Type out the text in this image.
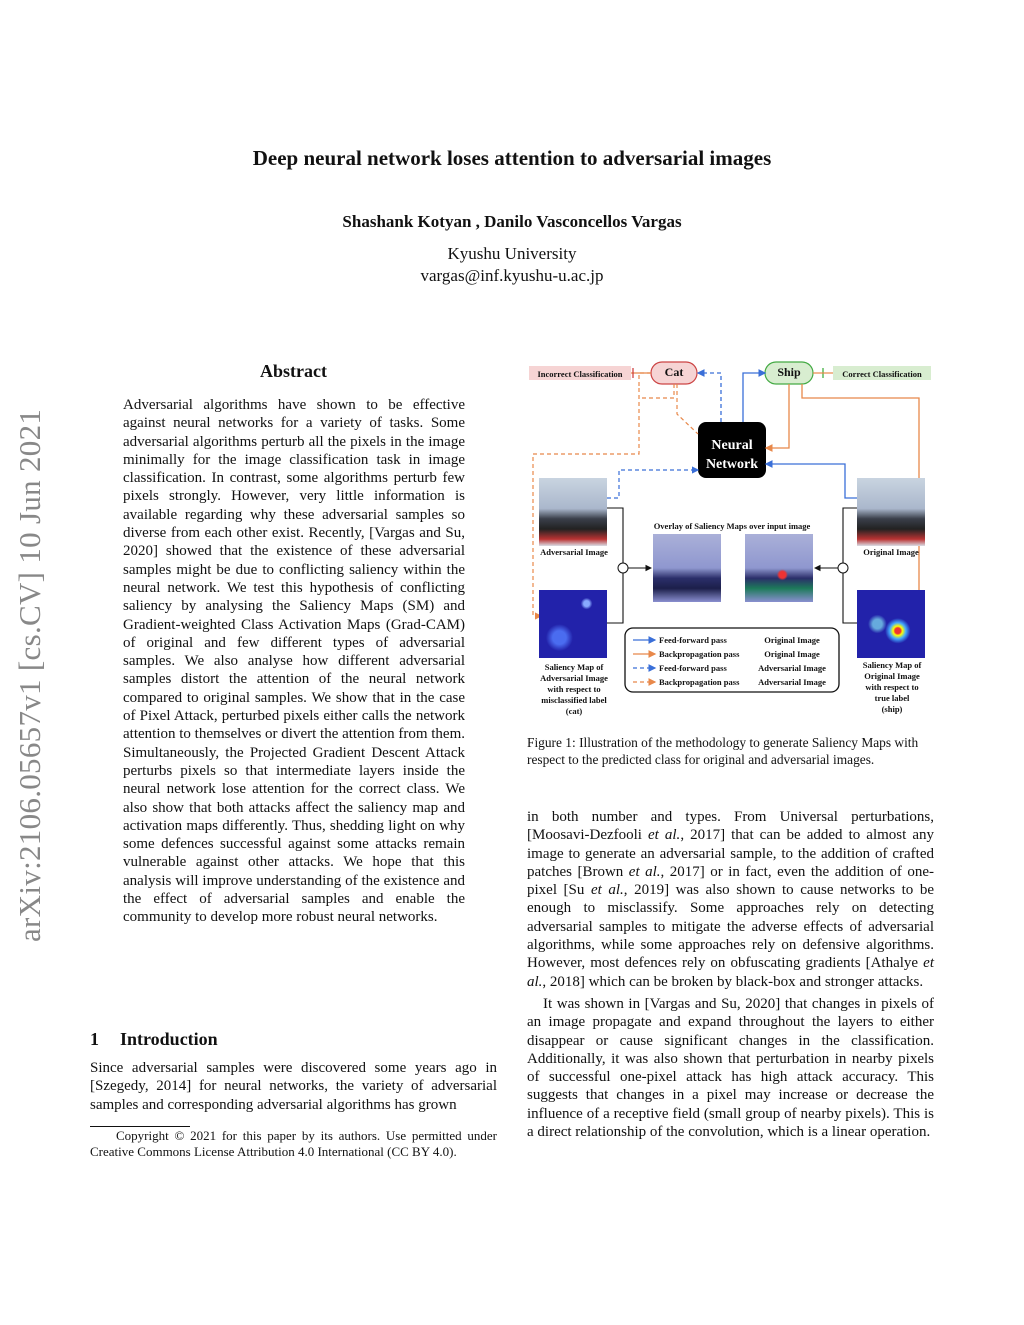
Deep neural network loses attention to adversarial images
Shashank Kotyan , Danilo Vasconcellos Vargas
Kyushu University
vargas@inf.kyushu-u.ac.jp
arXiv:2106.05657v1 [cs.CV] 10 Jun 2021
Abstract
Adversarial algorithms have shown to be effective against neural networks for a variety of tasks. Some adversarial algorithms perturb all the pixels in the image minimally for the image classification task in image classification. In contrast, some algorithms perturb few pixels strongly. However, very little information is available regarding why these adversarial samples so diverse from each other exist. Recently, [Vargas and Su, 2020] showed that the existence of these adversarial samples might be due to conflicting saliency within the neural network. We test this hypothesis of conflicting saliency by analysing the Saliency Maps (SM) and Gradient-weighted Class Activation Maps (Grad-CAM) of original and few different types of adversarial samples. We also analyse how different adversarial samples distort the attention of the neural network compared to original samples. We show that in the case of Pixel Attack, perturbed pixels either calls the network attention to themselves or divert the attention from them. Simultaneously, the Projected Gradient Descent Attack perturbs pixels so that intermediate layers inside the neural network lose attention for the correct class. We also show that both attacks affect the saliency map and activation maps differently. Thus, shedding light on why some defences successful against some attacks remain vulnerable against other attacks. We hope that this analysis will improve understanding of the existence and the effect of adversarial samples and enable the community to develop more robust neural networks.
1 Introduction
Since adversarial samples were discovered some years ago in [Szegedy, 2014] for neural networks, the variety of adversarial samples and corresponding adversarial algorithms has grown
Copyright © 2021 for this paper by its authors. Use permitted under Creative Commons License Attribution 4.0 International (CC BY 4.0).
Incorrect Classification	Cat	Ship	Correct Classification
Neural
Network
Adversarial Image	Original Image
Overlay of Saliency Maps over input image
Saliency Map of
Adversarial Image
with respect to
misclassified label
(cat)
Saliency Map of
Original Image
with respect to
true label
(ship)
Feed-forward pass	Original Image
Backpropagation pass	Original Image
Feed-forward pass	Adversarial Image
Backpropagation pass	Adversarial Image
Figure 1: Illustration of the methodology to generate Saliency Maps with respect to the predicted class for original and adversarial images.

in both number and types. From Universal perturbations, [Moosavi-Dezfooli et al., 2017] that can be added to almost any image to generate an adversarial sample, to the addition of crafted patches [Brown et al., 2017] or in fact, even the addition of one-pixel [Su et al., 2019] was also shown to cause networks to be enough to misclassify. Some approaches rely on detecting adversarial samples to mitigate the adverse effects of adversarial algorithms, while some approaches rely on defensive algorithms. However, most defences rely on obfuscating gradients [Athalye et al., 2018] which can be broken by black-box and stronger attacks.

It was shown in [Vargas and Su, 2020] that changes in pixels of an image propagate and expand throughout the layers to either disappear or cause significant changes in the classification. Additionally, it was also shown that perturbation in nearby pixels of successful one-pixel attack has high attack accuracy. This suggests that changes in a pixel may increase or decrease the influence of a receptive field (small group of nearby pixels). This is a direct relationship of the convolution, which is a linear operation.
